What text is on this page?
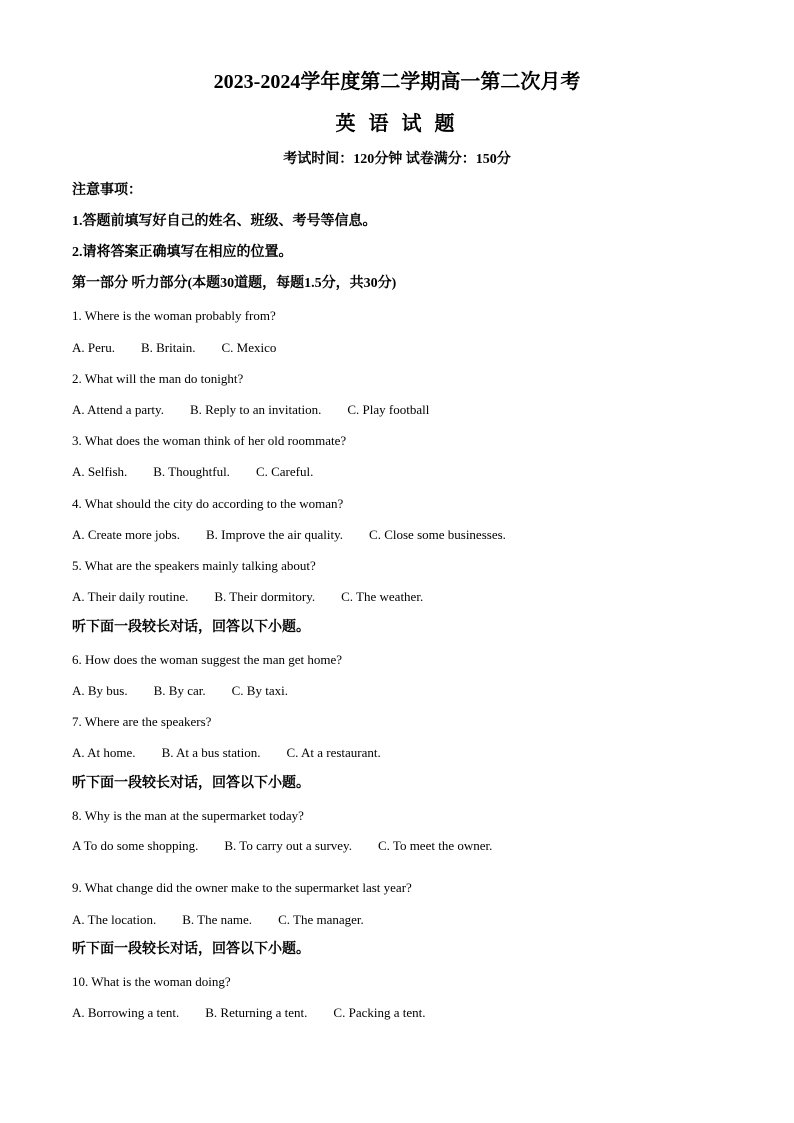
2023-2024学年度第二学期高一第二次月考
英 语 试 题
考试时间：120分钟 试卷满分：150分
注意事项：
1.答题前填写好自己的姓名、班级、考号等信息。
2.请将答案正确填写在相应的位置。
第一部分 听力部分(本题30道题，每题1.5分，共30分)
1. Where is the woman probably from?
A. Peru. B. Britain. C. Mexico
2. What will the man do tonight?
A. Attend a party. B. Reply to an invitation. C. Play football
3. What does the woman think of her old roommate?
A. Selfish. B. Thoughtful. C. Careful.
4. What should the city do according to the woman?
A. Create more jobs. B. Improve the air quality. C. Close some businesses.
5. What are the speakers mainly talking about?
A. Their daily routine. B. Their dormitory. C. The weather.
听下面一段较长对话，回答以下小题。
6. How does the woman suggest the man get home?
A. By bus. B. By car. C. By taxi.
7. Where are the speakers?
A. At home. B. At a bus station. C. At a restaurant.
听下面一段较长对话，回答以下小题。
8. Why is the man at the supermarket today?
A To do some shopping. B. To carry out a survey. C. To meet the owner.
9. What change did the owner make to the supermarket last year?
A. The location. B. The name. C. The manager.
听下面一段较长对话，回答以下小题。
10. What is the woman doing?
A. Borrowing a tent. B. Returning a tent. C. Packing a tent.
